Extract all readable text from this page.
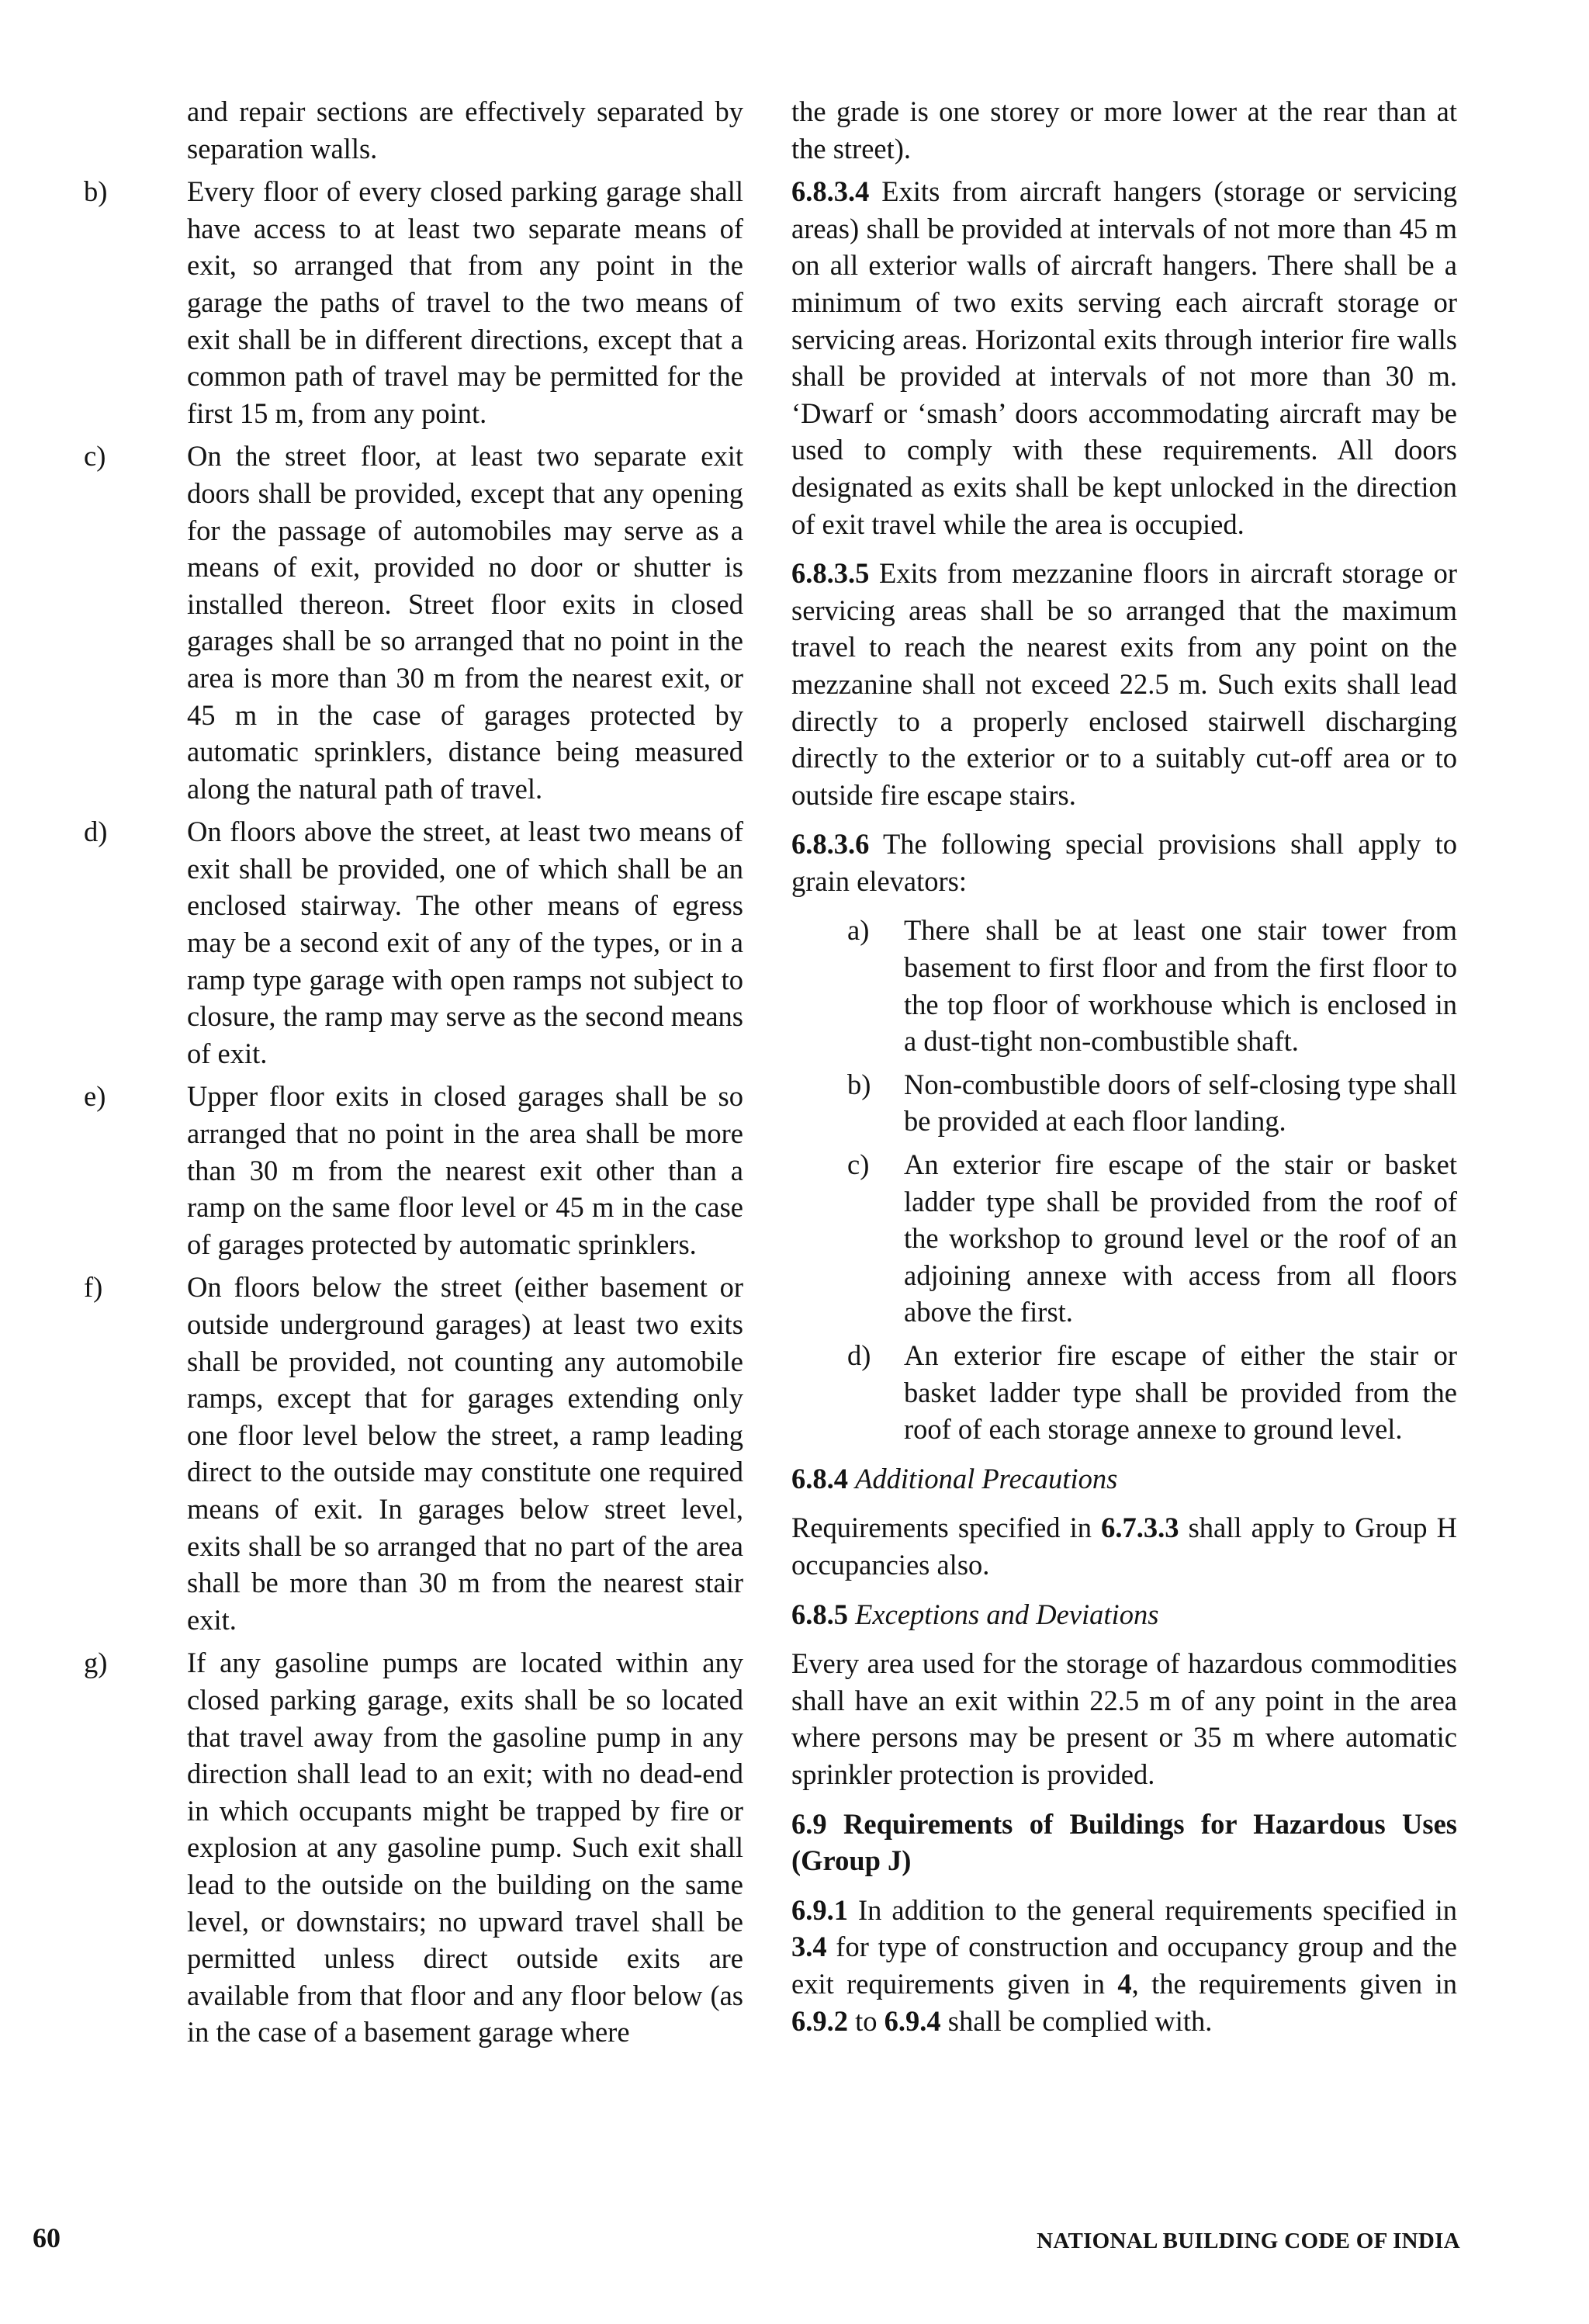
and repair sections are effectively separated by separation walls.

b)	Every floor of every closed parking garage shall have access to at least two separate means of exit, so arranged that from any point in the garage the paths of travel to the two means of exit shall be in different directions, except that a common path of travel may be permitted for the first 15 m, from any point.
c)	On the street floor, at least two separate exit doors shall be provided, except that any opening for the passage of automobiles may serve as a means of exit, provided no door or shutter is installed thereon. Street floor exits in closed garages shall be so arranged that no point in the area is more than 30 m from the nearest exit, or 45 m in the case of garages protected by automatic sprinklers, distance being measured along the natural path of travel.
d)	On floors above the street, at least two means of exit shall be provided, one of which shall be an enclosed stairway. The other means of egress may be a second exit of any of the types, or in a ramp type garage with open ramps not subject to closure, the ramp may serve as the second means of exit.
e)	Upper floor exits in closed garages shall be so arranged that no point in the area shall be more than 30 m from the nearest exit other than a ramp on the same floor level or 45 m in the case of garages protected by automatic sprinklers.
f)	On floors below the street (either basement or outside underground garages) at least two exits shall be provided, not counting any automobile ramps, except that for garages extending only one floor level below the street, a ramp leading direct to the outside may constitute one required means of exit. In garages below street level, exits shall be so arranged that no part of the area shall be more than 30 m from the nearest stair exit.
g)	If any gasoline pumps are located within any closed parking garage, exits shall be so located that travel away from the gasoline pump in any direction shall lead to an exit; with no dead-end in which occupants might be trapped by fire or explosion at any gasoline pump. Such exit shall lead to the outside on the building on the same level, or downstairs; no upward travel shall be permitted unless direct outside exits are available from that floor and any floor below (as in the case of a basement garage where

the grade is one storey or more lower at the rear than at the street).

6.8.3.4 Exits from aircraft hangers (storage or servicing areas) shall be provided at intervals of not more than 45 m on all exterior walls of aircraft hangers. There shall be a minimum of two exits serving each aircraft storage or servicing areas. Horizontal exits through interior fire walls shall be provided at intervals of not more than 30 m. ‘Dwarf or ‘smash’ doors accommodating aircraft may be used to comply with these requirements. All doors designated as exits shall be kept unlocked in the direction of exit travel while the area is occupied.

6.8.3.5 Exits from mezzanine floors in aircraft storage or servicing areas shall be so arranged that the maximum travel to reach the nearest exits from any point on the mezzanine shall not exceed 22.5 m. Such exits shall lead directly to a properly enclosed stairwell discharging directly to the exterior or to a suitably cut-off area or to outside fire escape stairs.

6.8.3.6 The following special provisions shall apply to grain elevators:

a) There shall be at least one stair tower from basement to first floor and from the first floor to the top floor of workhouse which is enclosed in a dust-tight non-combustible shaft.
b) Non-combustible doors of self-closing type shall be provided at each floor landing.
c) An exterior fire escape of the stair or basket ladder type shall be provided from the roof of the workshop to ground level or the roof of an adjoining annexe with access from all floors above the first.
d) An exterior fire escape of either the stair or basket ladder type shall be provided from the roof of each storage annexe to ground level.

6.8.4 Additional Precautions

Requirements specified in 6.7.3.3 shall apply to Group H occupancies also.

6.8.5 Exceptions and Deviations

Every area used for the storage of hazardous commodities shall have an exit within 22.5 m of any point in the area where persons may be present or 35 m where automatic sprinkler protection is provided.

6.9 Requirements of Buildings for Hazardous Uses (Group J)

6.9.1 In addition to the general requirements specified in 3.4 for type of construction and occupancy group and the exit requirements given in 4, the requirements given in 6.9.2 to 6.9.4 shall be complied with.

60	NATIONAL BUILDING CODE OF INDIA
